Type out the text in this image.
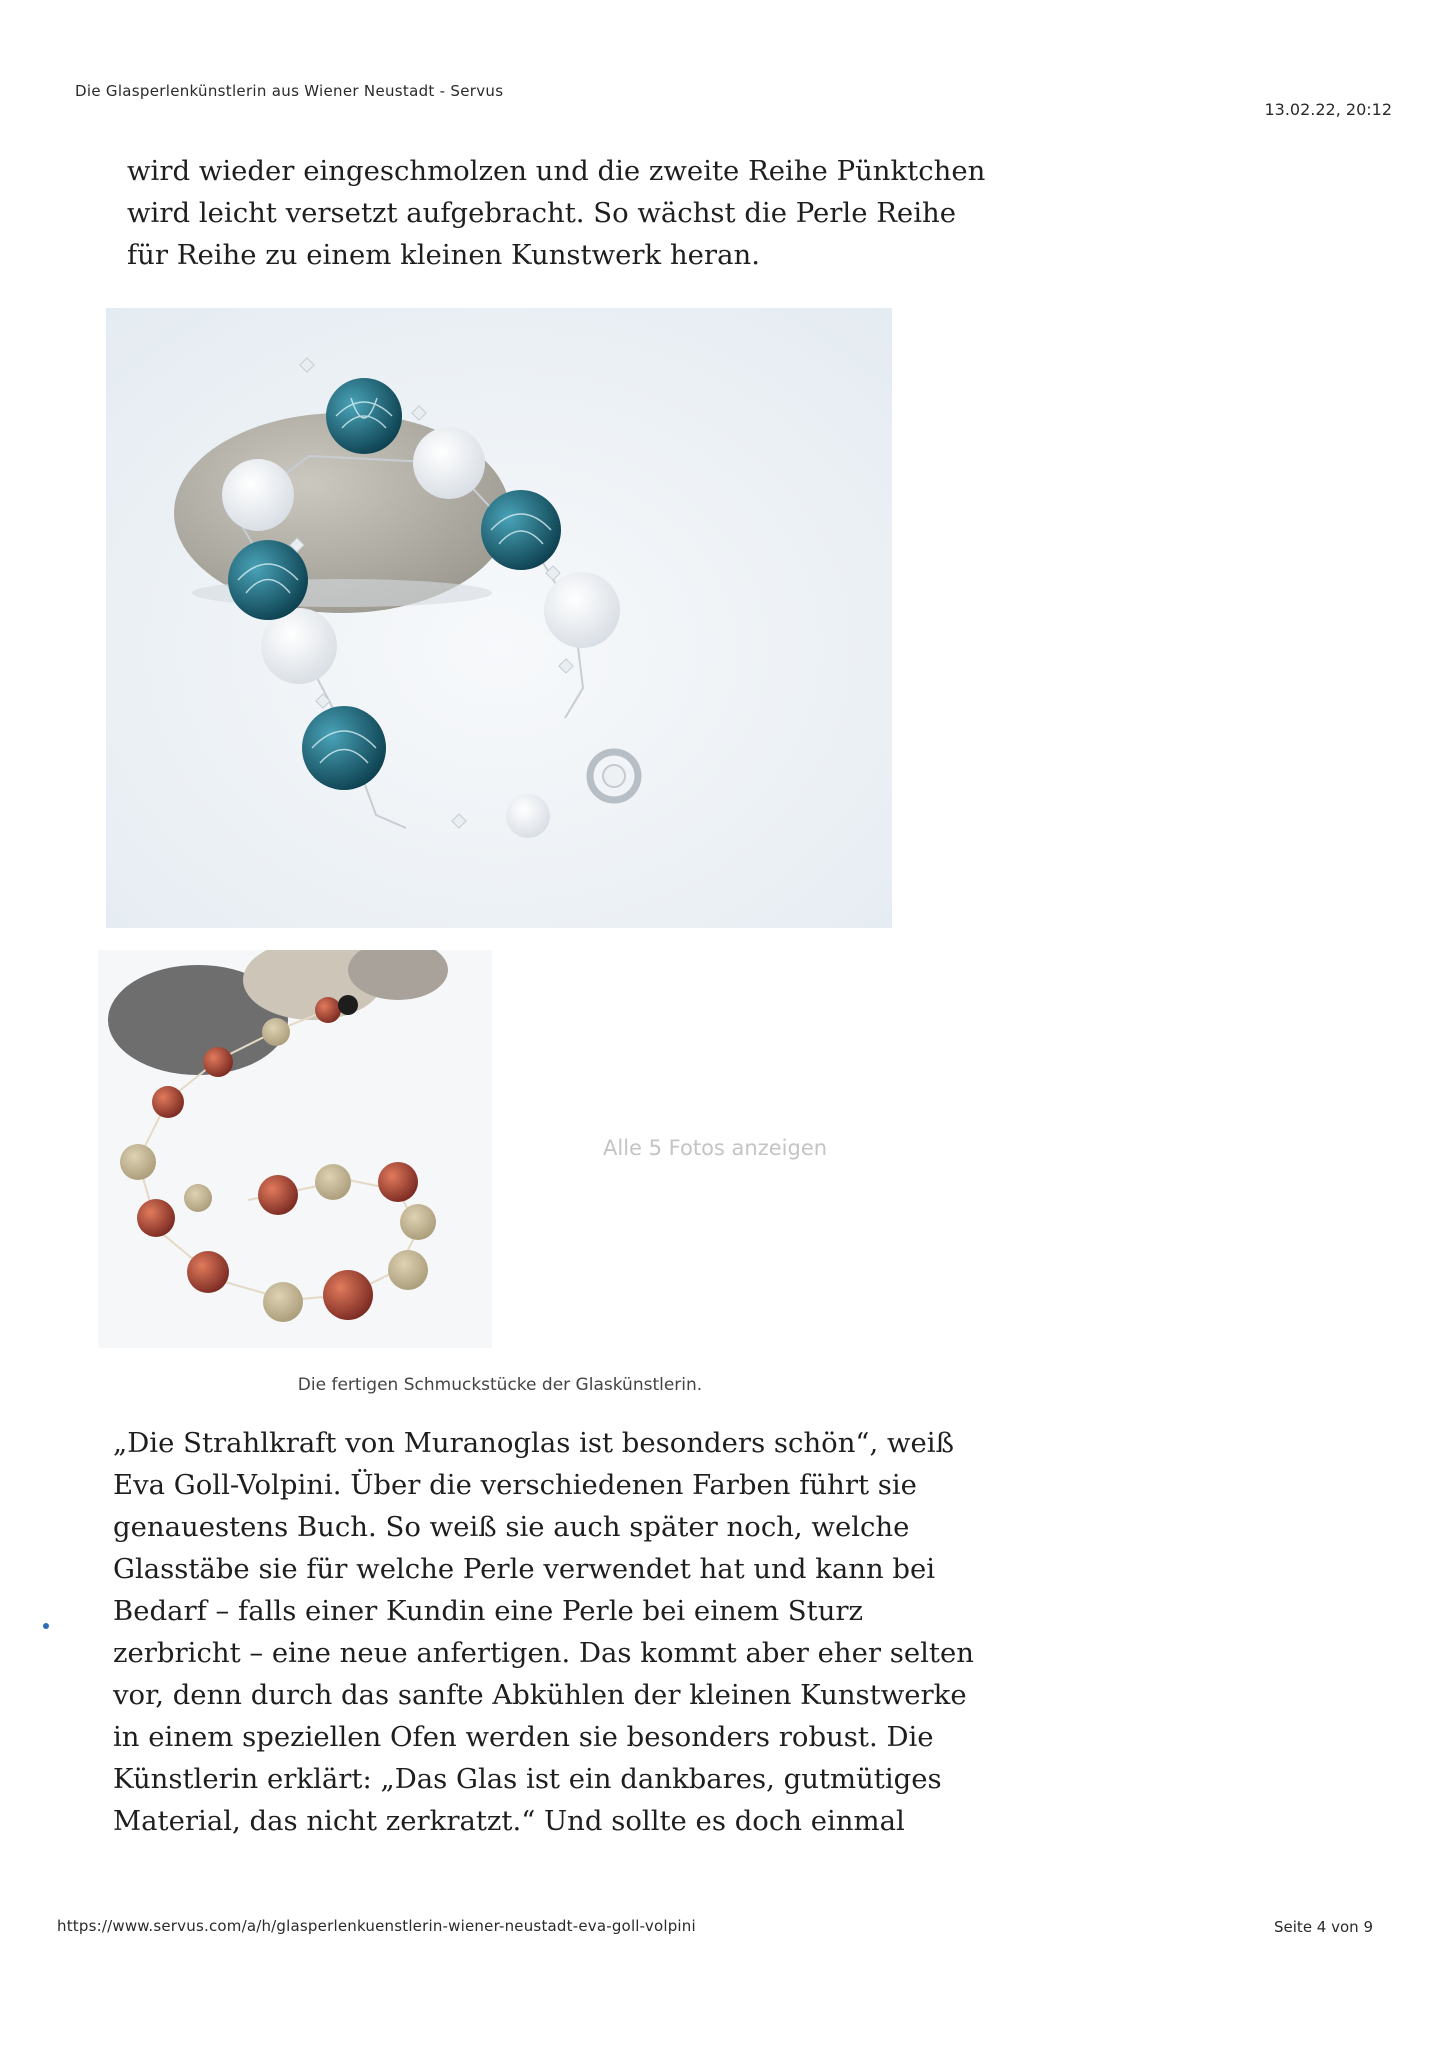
Die Glasperlenkünstlerin aus Wiener Neustadt - Servus
13.02.22, 20:12
wird wieder eingeschmolzen und die zweite Reihe Pünktchen
wird leicht versetzt aufgebracht. So wächst die Perle Reihe
für Reihe zu einem kleinen Kunstwerk heran.
Alle 5 Fotos anzeigen
Die fertigen Schmuckstücke der Glaskünstlerin.
„Die Strahlkraft von Muranoglas ist besonders schön“, weiß
Eva Goll-Volpini. Über die verschiedenen Farben führt sie
genauestens Buch. So weiß sie auch später noch, welche
Glasstäbe sie für welche Perle verwendet hat und kann bei
Bedarf – falls einer Kundin eine Perle bei einem Sturz
zerbricht – eine neue anfertigen. Das kommt aber eher selten
vor, denn durch das sanfte Abkühlen der kleinen Kunstwerke
in einem speziellen Ofen werden sie besonders robust. Die
Künstlerin erklärt: „Das Glas ist ein dankbares, gutmütiges
Material, das nicht zerkratzt.“ Und sollte es doch einmal
https://www.servus.com/a/h/glasperlenkuenstlerin-wiener-neustadt-eva-goll-volpini	Seite 4 von 9
